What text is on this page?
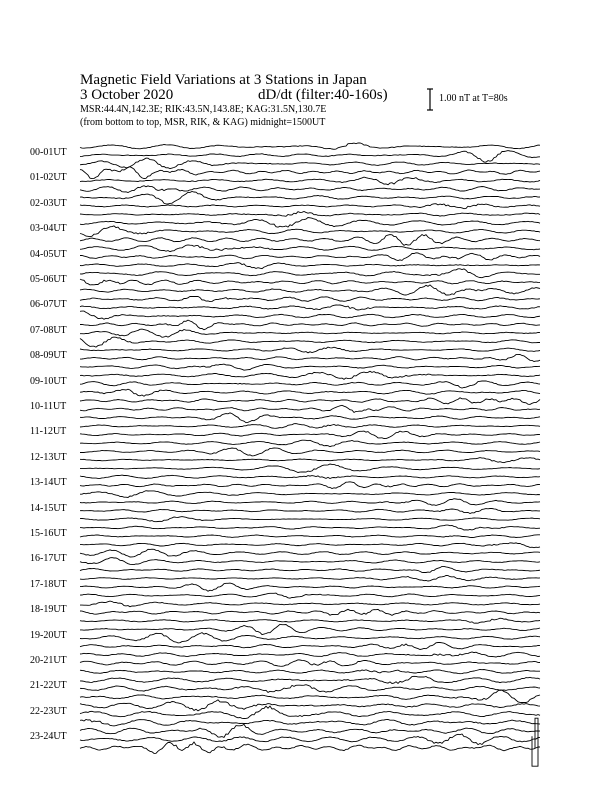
Magnetic Field Variations at 3 Stations in Japan
3 October 2020	dD/dt (filter:40-160s)
MSR:44.4N,142.3E; RIK:43.5N,143.8E; KAG:31.5N,130.7E
(from bottom to top, MSR, RIK, & KAG) midnight=1500UT
1.00 nT at T=80s
00-01UT
01-02UT
02-03UT
03-04UT
04-05UT
05-06UT
06-07UT
07-08UT
08-09UT
09-10UT
10-11UT
11-12UT
12-13UT
13-14UT
14-15UT
15-16UT
16-17UT
17-18UT
18-19UT
19-20UT
20-21UT
21-22UT
22-23UT
23-24UT
